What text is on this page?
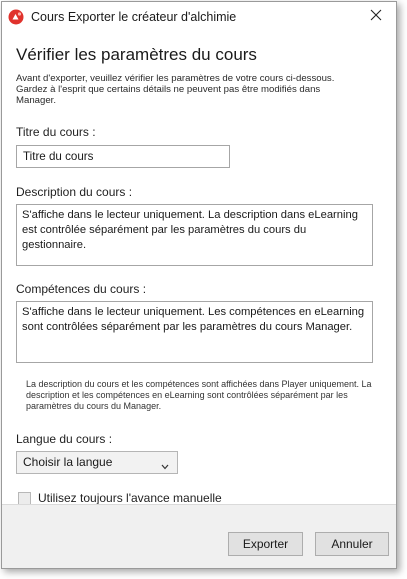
Cours Exporter le créateur d'alchimie
Vérifier les paramètres du cours
Avant d'exporter, veuillez vérifier les paramètres de votre cours ci-dessous. Gardez à l'esprit que certains détails ne peuvent pas être modifiés dans Manager.
Titre du cours :
Titre du cours
Description du cours :
S'affiche dans le lecteur uniquement. La description dans eLearning est contrôlée séparément par les paramètres du cours du gestionnaire.
Compétences du cours :
S'affiche dans le lecteur uniquement. Les compétences en eLearning sont contrôlées séparément par les paramètres du cours Manager.
La description du cours et les compétences sont affichées dans Player uniquement. La description et les compétences en eLearning sont contrôlées séparément par les paramètres du cours du Manager.
Langue du cours :
Choisir la langue
Utilisez toujours l'avance manuelle
Exporter	Annuler
